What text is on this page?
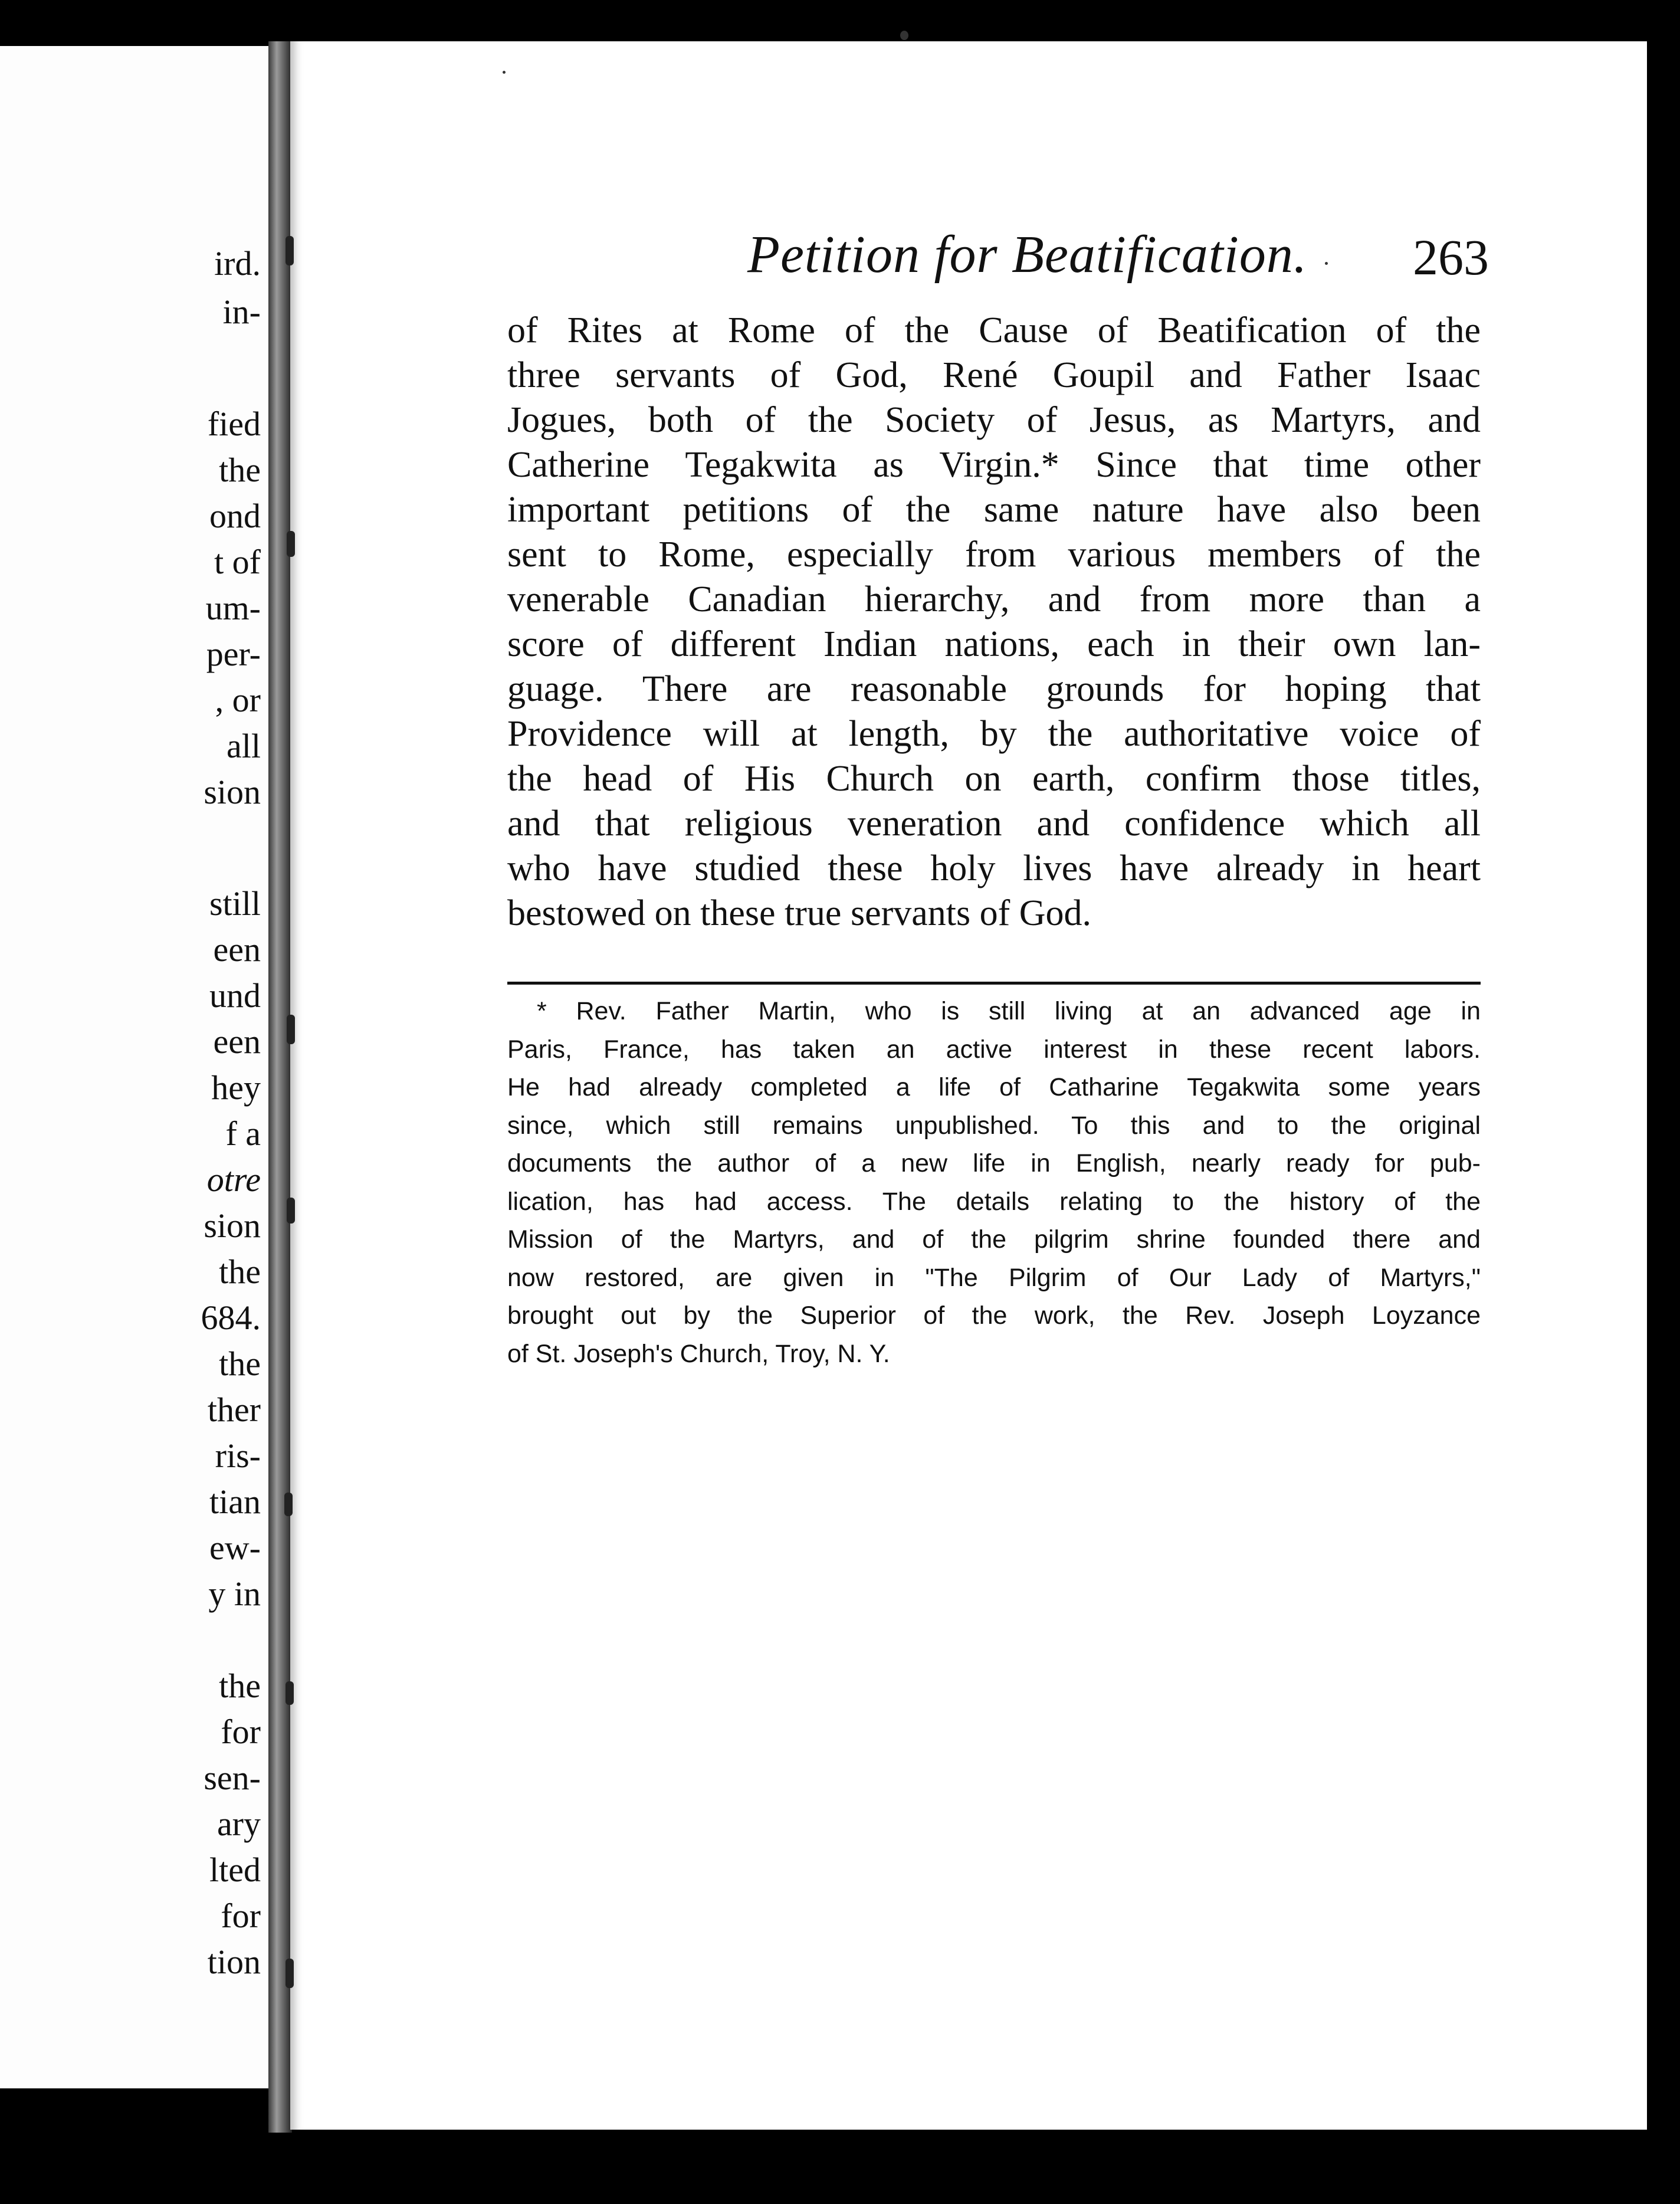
ird.
in-
fied
the
ond
t of
um-
per-
, or
all
sion
still
een
und
een
hey
f a
otre
sion
the
684.
the
ther
ris-
tian
ew-
y in
the
for
sen-
ary
lted
for
tion
Petition for Beatification. 263
of Rites at Rome of the Cause of Beatification of the
three servants of God, René Goupil and Father Isaac
Jogues, both of the Society of Jesus, as Martyrs, and
Catherine Tegakwita as Virgin.* Since that time other
important petitions of the same nature have also been
sent to Rome, especially from various members of the
venerable Canadian hierarchy, and from more than a
score of different Indian nations, each in their own lan-
guage. There are reasonable grounds for hoping that
Providence will at length, by the authoritative voice of
the head of His Church on earth, confirm those titles,
and that religious veneration and confidence which all
who have studied these holy lives have already in heart
bestowed on these true servants of God.
* Rev. Father Martin, who is still living at an advanced age in
Paris, France, has taken an active interest in these recent labors.
He had already completed a life of Catharine Tegakwita some years
since, which still remains unpublished. To this and to the original
documents the author of a new life in English, nearly ready for pub-
lication, has had access. The details relating to the history of the
Mission of the Martyrs, and of the pilgrim shrine founded there and
now restored, are given in "The Pilgrim of Our Lady of Martyrs,"
brought out by the Superior of the work, the Rev. Joseph Loyzance
of St. Joseph's Church, Troy, N. Y.
